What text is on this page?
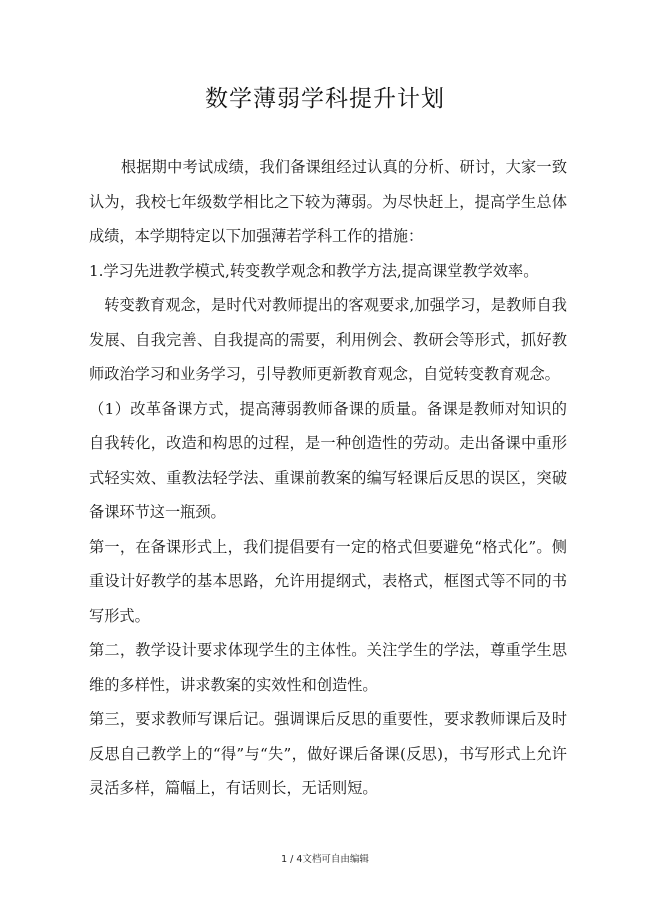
数学薄弱学科提升计划

根据期中考试成绩，我们备课组经过认真的分析、研讨，大家一致认为，我校七年级数学相比之下较为薄弱。为尽快赶上，提高学生总体成绩，本学期特定以下加强薄若学科工作的措施：

1.学习先进教学模式,转变教学观念和教学方法,提高课堂教学效率。

转变教育观念，是时代对教师提出的客观要求,加强学习，是教师自我发展、自我完善、自我提高的需要，利用例会、教研会等形式，抓好教师政治学习和业务学习，引导教师更新教育观念，自觉转变教育观念。

（1）改革备课方式，提高薄弱教师备课的质量。备课是教师对知识的自我转化，改造和构思的过程，是一种创造性的劳动。走出备课中重形式轻实效、重教法轻学法、重课前教案的编写轻课后反思的误区，突破备课环节这一瓶颈。

第一，在备课形式上，我们提倡要有一定的格式但要避免“格式化”。侧重设计好教学的基本思路，允许用提纲式，表格式，框图式等不同的书写形式。

第二，教学设计要求体现学生的主体性。关注学生的学法，尊重学生思维的多样性，讲求教案的实效性和创造性。

第三，要求教师写课后记。强调课后反思的重要性，要求教师课后及时反思自己教学上的“得”与“失”，做好课后备课(反思)，书写形式上允许灵活多样，篇幅上，有话则长，无话则短。

1 / 4文档可自由编辑
